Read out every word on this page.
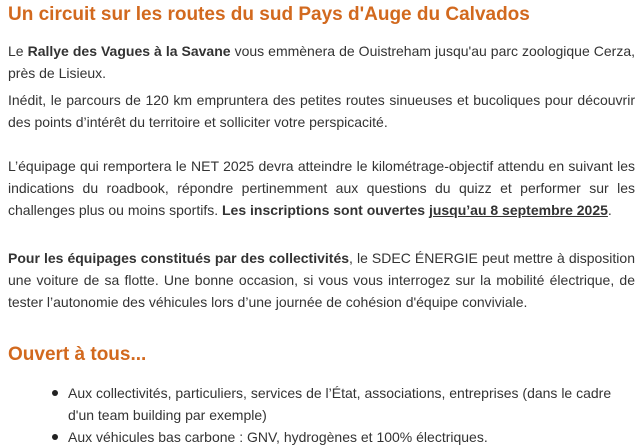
Un circuit sur les routes du sud Pays d'Auge du Calvados

Le Rallye des Vagues à la Savane vous emmènera de Ouistreham jusqu'au parc zoologique Cerza, près de Lisieux.

Inédit, le parcours de 120 km empruntera des petites routes sinueuses et bucoliques pour découvrir des points d’intérêt du territoire et solliciter votre perspicacité.

L’équipage qui remportera le NET 2025 devra atteindre le kilométrage-objectif attendu en suivant les indications du roadbook, répondre pertinemment aux questions du quizz et performer sur les challenges plus ou moins sportifs. Les inscriptions sont ouvertes jusqu’au 8 septembre 2025.

Pour les équipages constitués par des collectivités, le SDEC ÉNERGIE peut mettre à disposition une voiture de sa flotte. Une bonne occasion, si vous vous interrogez sur la mobilité électrique, de tester l’autonomie des véhicules lors d’une journée de cohésion d'équipe conviviale.

Ouvert à tous...
Aux collectivités, particuliers, services de l’État, associations, entreprises (dans le cadre d'un team building par exemple)
Aux véhicules bas carbone : GNV, hydrogènes et 100% électriques.
